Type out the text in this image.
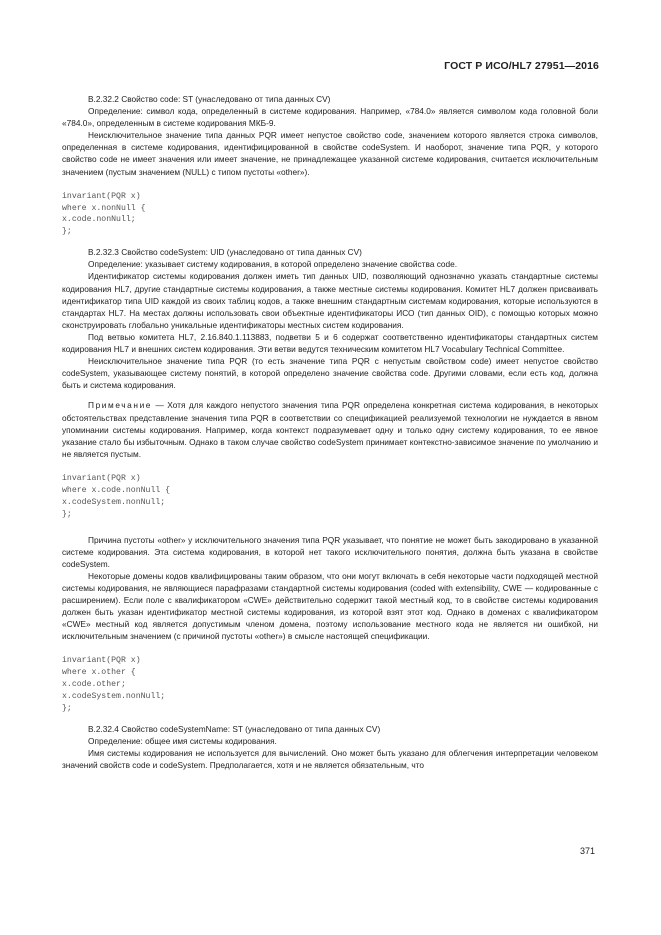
ГОСТ Р ИСО/HL7 27951—2016

B.2.32.2 Свойство code: ST (унаследовано от типа данных CV)

Определение: символ кода, определенный в системе кодирования. Например, «784.0» является символом кода головной боли «784.0», определенным в системе кодирования МКБ-9.

Неисключительное значение типа данных PQR имеет непустое свойство code, значением которого является строка символов, определенная в системе кодирования, идентифицированной в свойстве codeSystem. И наоборот, значение типа PQR, у которого свойство code не имеет значения или имеет значение, не принадлежащее указанной системе кодирования, считается исключительным значением (пустым значением (NULL) с типом пустоты «other»).

invariant(PQR x)
where x.nonNull {
x.code.nonNull;
};

B.2.32.3 Свойство codeSystem: UID (унаследовано от типа данных CV)

Определение: указывает систему кодирования, в которой определено значение свойства code.

Идентификатор системы кодирования должен иметь тип данных UID, позволяющий однозначно указать стандартные системы кодирования HL7, другие стандартные системы кодирования, а также местные системы кодирования. Комитет HL7 должен присваивать идентификатор типа UID каждой из своих таблиц кодов, а также внешним стандартным системам кодирования, которые используются в стандартах HL7. На местах должны использовать свои объектные идентификаторы ИСО (тип данных OID), с помощью которых можно сконструировать глобально уникальные идентификаторы местных систем кодирования.

Под ветвью комитета HL7, 2.16.840.1.113883, подветви 5 и 6 содержат соответственно идентификаторы стандартных систем кодирования HL7 и внешних систем кодирования. Эти ветви ведутся техническим комитетом HL7 Vocabulary Technical Committee.

Неисключительное значение типа PQR (то есть значение типа PQR с непустым свойством code) имеет непустое свойство codeSystem, указывающее систему понятий, в которой определено значение свойства code. Другими словами, если есть код, должна быть и система кодирования.

Примечание — Хотя для каждого непустого значения типа PQR определена конкретная система кодирования, в некоторых обстоятельствах представление значения типа PQR в соответствии со спецификацией реализуемой технологии не нуждается в явном упоминании системы кодирования. Например, когда контекст подразумевает одну и только одну систему кодирования, то ее явное указание стало бы избыточным. Однако в таком случае свойство codeSystem принимает контекстно-зависимое значение по умолчанию и не является пустым.

invariant(PQR x)
where x.code.nonNull {
x.codeSystem.nonNull;
};

Причина пустоты «other» у исключительного значения типа PQR указывает, что понятие не может быть закодировано в указанной системе кодирования. Эта система кодирования, в которой нет такого исключительного понятия, должна быть указана в свойстве codeSystem.

Некоторые домены кодов квалифицированы таким образом, что они могут включать в себя некоторые части подходящей местной системы кодирования, не являющиеся парафразами стандартной системы кодирования (coded with extensibility, CWE — кодированные с расширением). Если поле с квалификатором «CWE» действительно содержит такой местный код, то в свойстве системы кодирования должен быть указан идентификатор местной системы кодирования, из которой взят этот код. Однако в доменах с квалификатором «CWE» местный код является допустимым членом домена, поэтому использование местного кода не является ни ошибкой, ни исключительным значением (с причиной пустоты «other») в смысле настоящей спецификации.

invariant(PQR x)
where x.other {
x.code.other;
x.codeSystem.nonNull;
};

B.2.32.4 Свойство codeSystemName: ST (унаследовано от типа данных CV)

Определение: общее имя системы кодирования.

Имя системы кодирования не используется для вычислений. Оно может быть указано для облегчения интерпретации человеком значений свойств code и codeSystem. Предполагается, хотя и не является обязательным, что

371
